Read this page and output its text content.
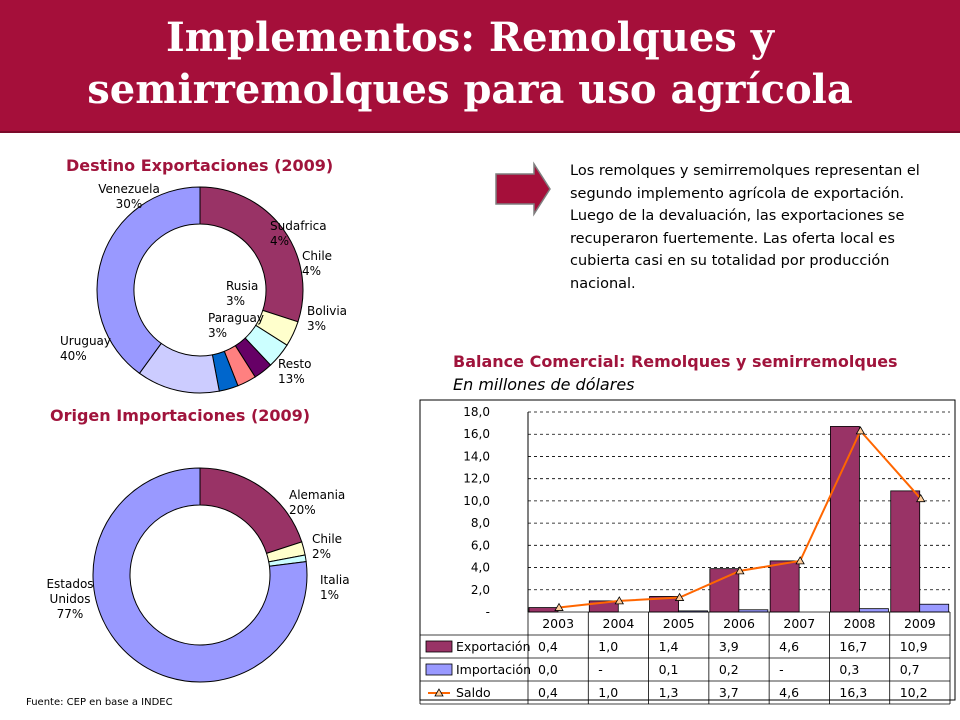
Implementos: Remolques y semirremolques para uso agrícola
Destino Exportaciones (2009)
Origen Importaciones (2009)
Venezuela 30%
Sudafrica 4%
Chile 4%
Rusia 3%
Bolivia 3%
Paraguay 3%
Resto 13%
Uruguay 40%
Alemania 20%
Chile 2%
Italia 1%
Estados Unidos 77%
Los remolques y semirremolques representan el segundo implemento agrícola de exportación. Luego de la devaluación, las exportaciones se recuperaron fuertemente. Las oferta local es cubierta casi en su totalidad por producción nacional.
Balance Comercial: Remolques y semirremolques
En millones de dólares
-
2,0
4,0
6,0
8,0
10,0
12,0
14,0
16,0
18,0
2003 2004 2005 2006 2007 2008 2009
Exportación 0,4	1,0	1,4	3,9	4,6	16,7	10,9
Importación 0,0	-	0,1	0,2	-	0,3	0,7
Saldo	0,4	1,0	1,3	3,7	4,6	16,3	10,2
Fuente: CEP en base a INDEC
